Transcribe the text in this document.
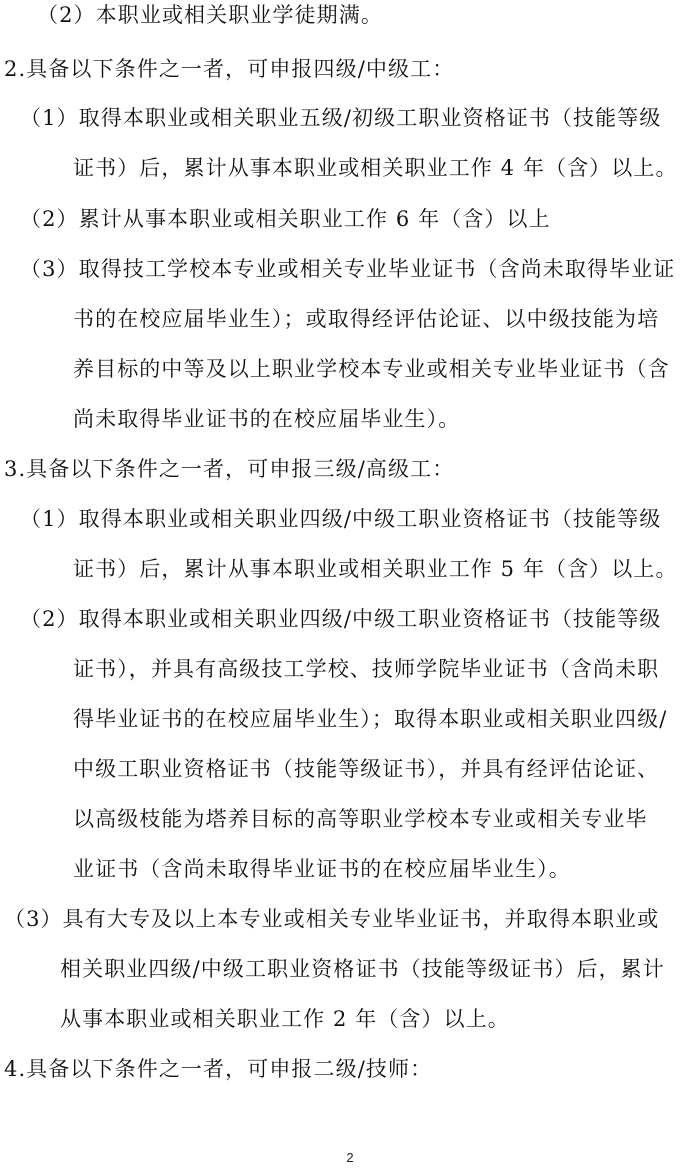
（2）本职业或相关职业学徒期满。
2.具备以下条件之一者，可申报四级/中级工：
（1）取得本职业或相关职业五级/初级工职业资格证书（技能等级
证书）后，累计从事本职业或相关职业工作 4 年（含）以上。
（2）累计从事本职业或相关职业工作 6 年（含）以上
（3）取得技工学校本专业或相关专业毕业证书（含尚未取得毕业证
书的在校应届毕业生）；或取得经评估论证、以中级技能为培
养目标的中等及以上职业学校本专业或相关专业毕业证书（含
尚未取得毕业证书的在校应届毕业生）。
3.具备以下条件之一者，可申报三级/高级工：
（1）取得本职业或相关职业四级/中级工职业资格证书（技能等级
证书）后，累计从事本职业或相关职业工作 5 年（含）以上。
（2）取得本职业或相关职业四级/中级工职业资格证书（技能等级
证书），并具有高级技工学校、技师学院毕业证书（含尚未职
得毕业证书的在校应届毕业生）；取得本职业或相关职业四级/
中级工职业资格证书（技能等级证书），并具有经评估论证、
以高级枝能为塔养目标的高等职业学校本专业或相关专业毕
业证书（含尚未取得毕业证书的在校应届毕业生）。
（3）具有大专及以上本专业或相关专业毕业证书，并取得本职业或
相关职业四级/中级工职业资格证书（技能等级证书）后，累计
从事本职业或相关职业工作 2 年（含）以上。
4.具备以下条件之一者，可申报二级/技师：
2
